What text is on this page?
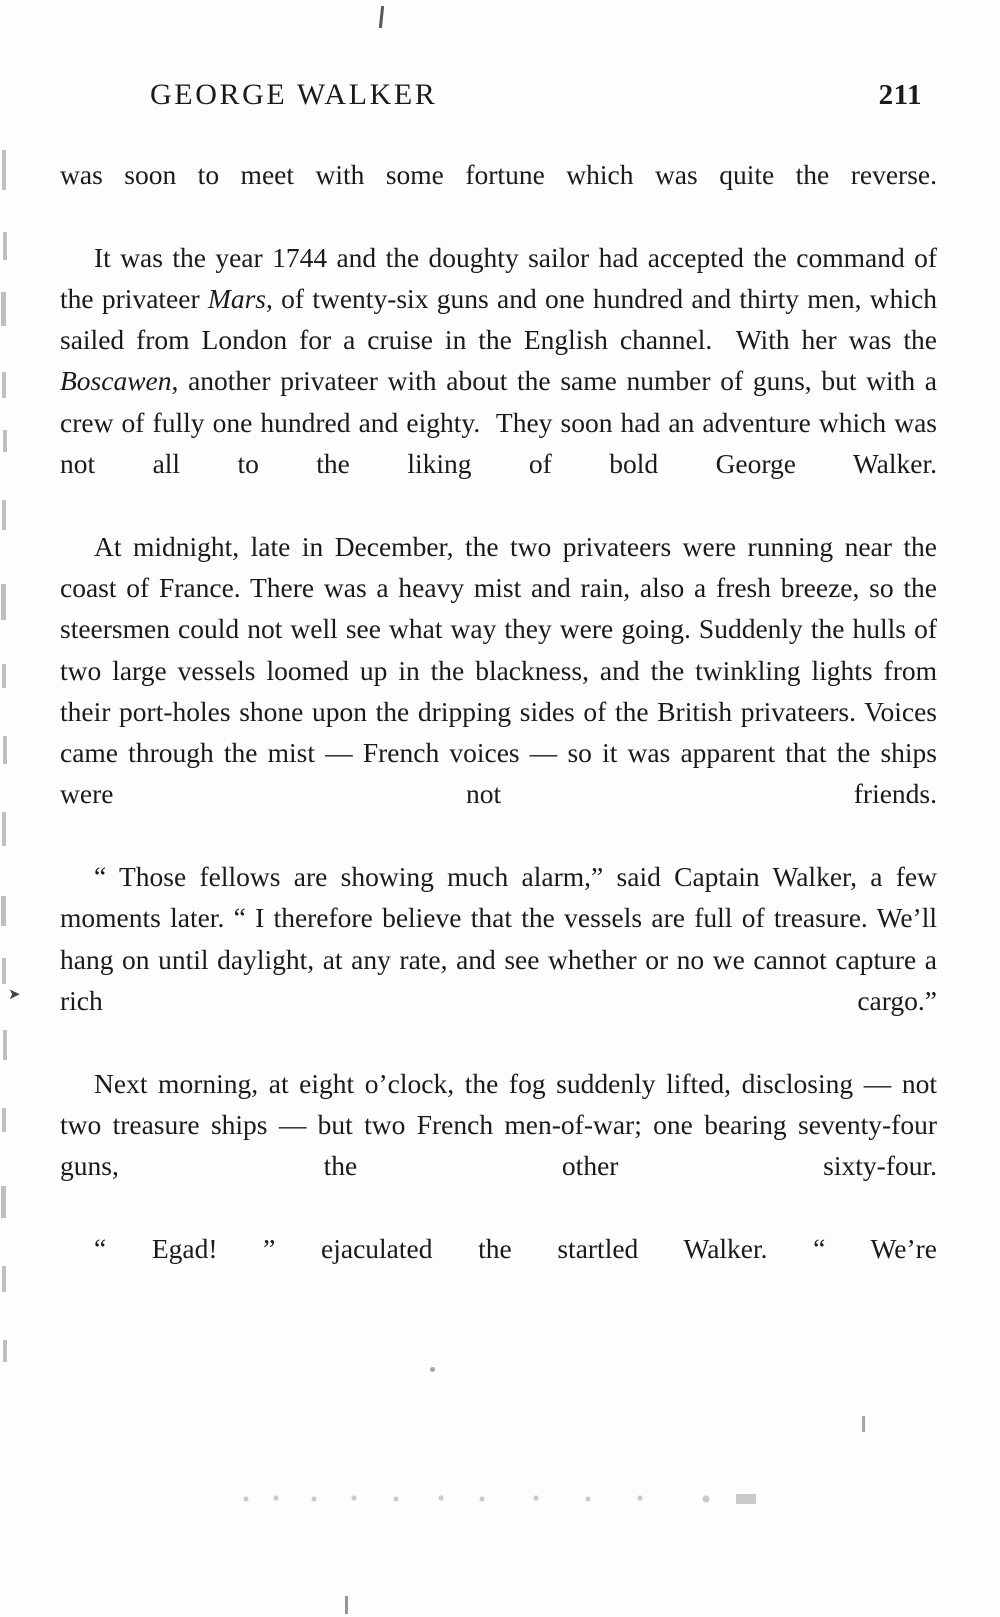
➤
GEORGE WALKER	211

was soon to meet with some fortune which was quite the reverse.

It was the year 1744 and the doughty sailor had accepted the command of the privateer Mars, of twenty-six guns and one hundred and thirty men, which sailed from London for a cruise in the English channel.  With her was the Boscawen, another privateer with about the same number of guns, but with a crew of fully one hundred and eighty.  They soon had an adventure which was not all to the liking of bold George Walker.

At midnight, late in December, the two privateers were running near the coast of France. There was a heavy mist and rain, also a fresh breeze, so the steersmen could not well see what way they were going. Suddenly the hulls of two large vessels loomed up in the blackness, and the twinkling lights from their port-holes shone upon the dripping sides of the British privateers. Voices came through the mist — French voices — so it was apparent that the ships were not friends.

“ Those fellows are showing much alarm,” said Captain Walker, a few moments later. “ I therefore believe that the vessels are full of treasure. We’ll hang on until daylight, at any rate, and see whether or no we cannot capture a rich cargo.”

Next morning, at eight o’clock, the fog suddenly lifted, disclosing — not two treasure ships — but two French men-of-war; one bearing seventy-four guns, the other sixty-four.

“ Egad! ” ejaculated the startled Walker. “ We’re
